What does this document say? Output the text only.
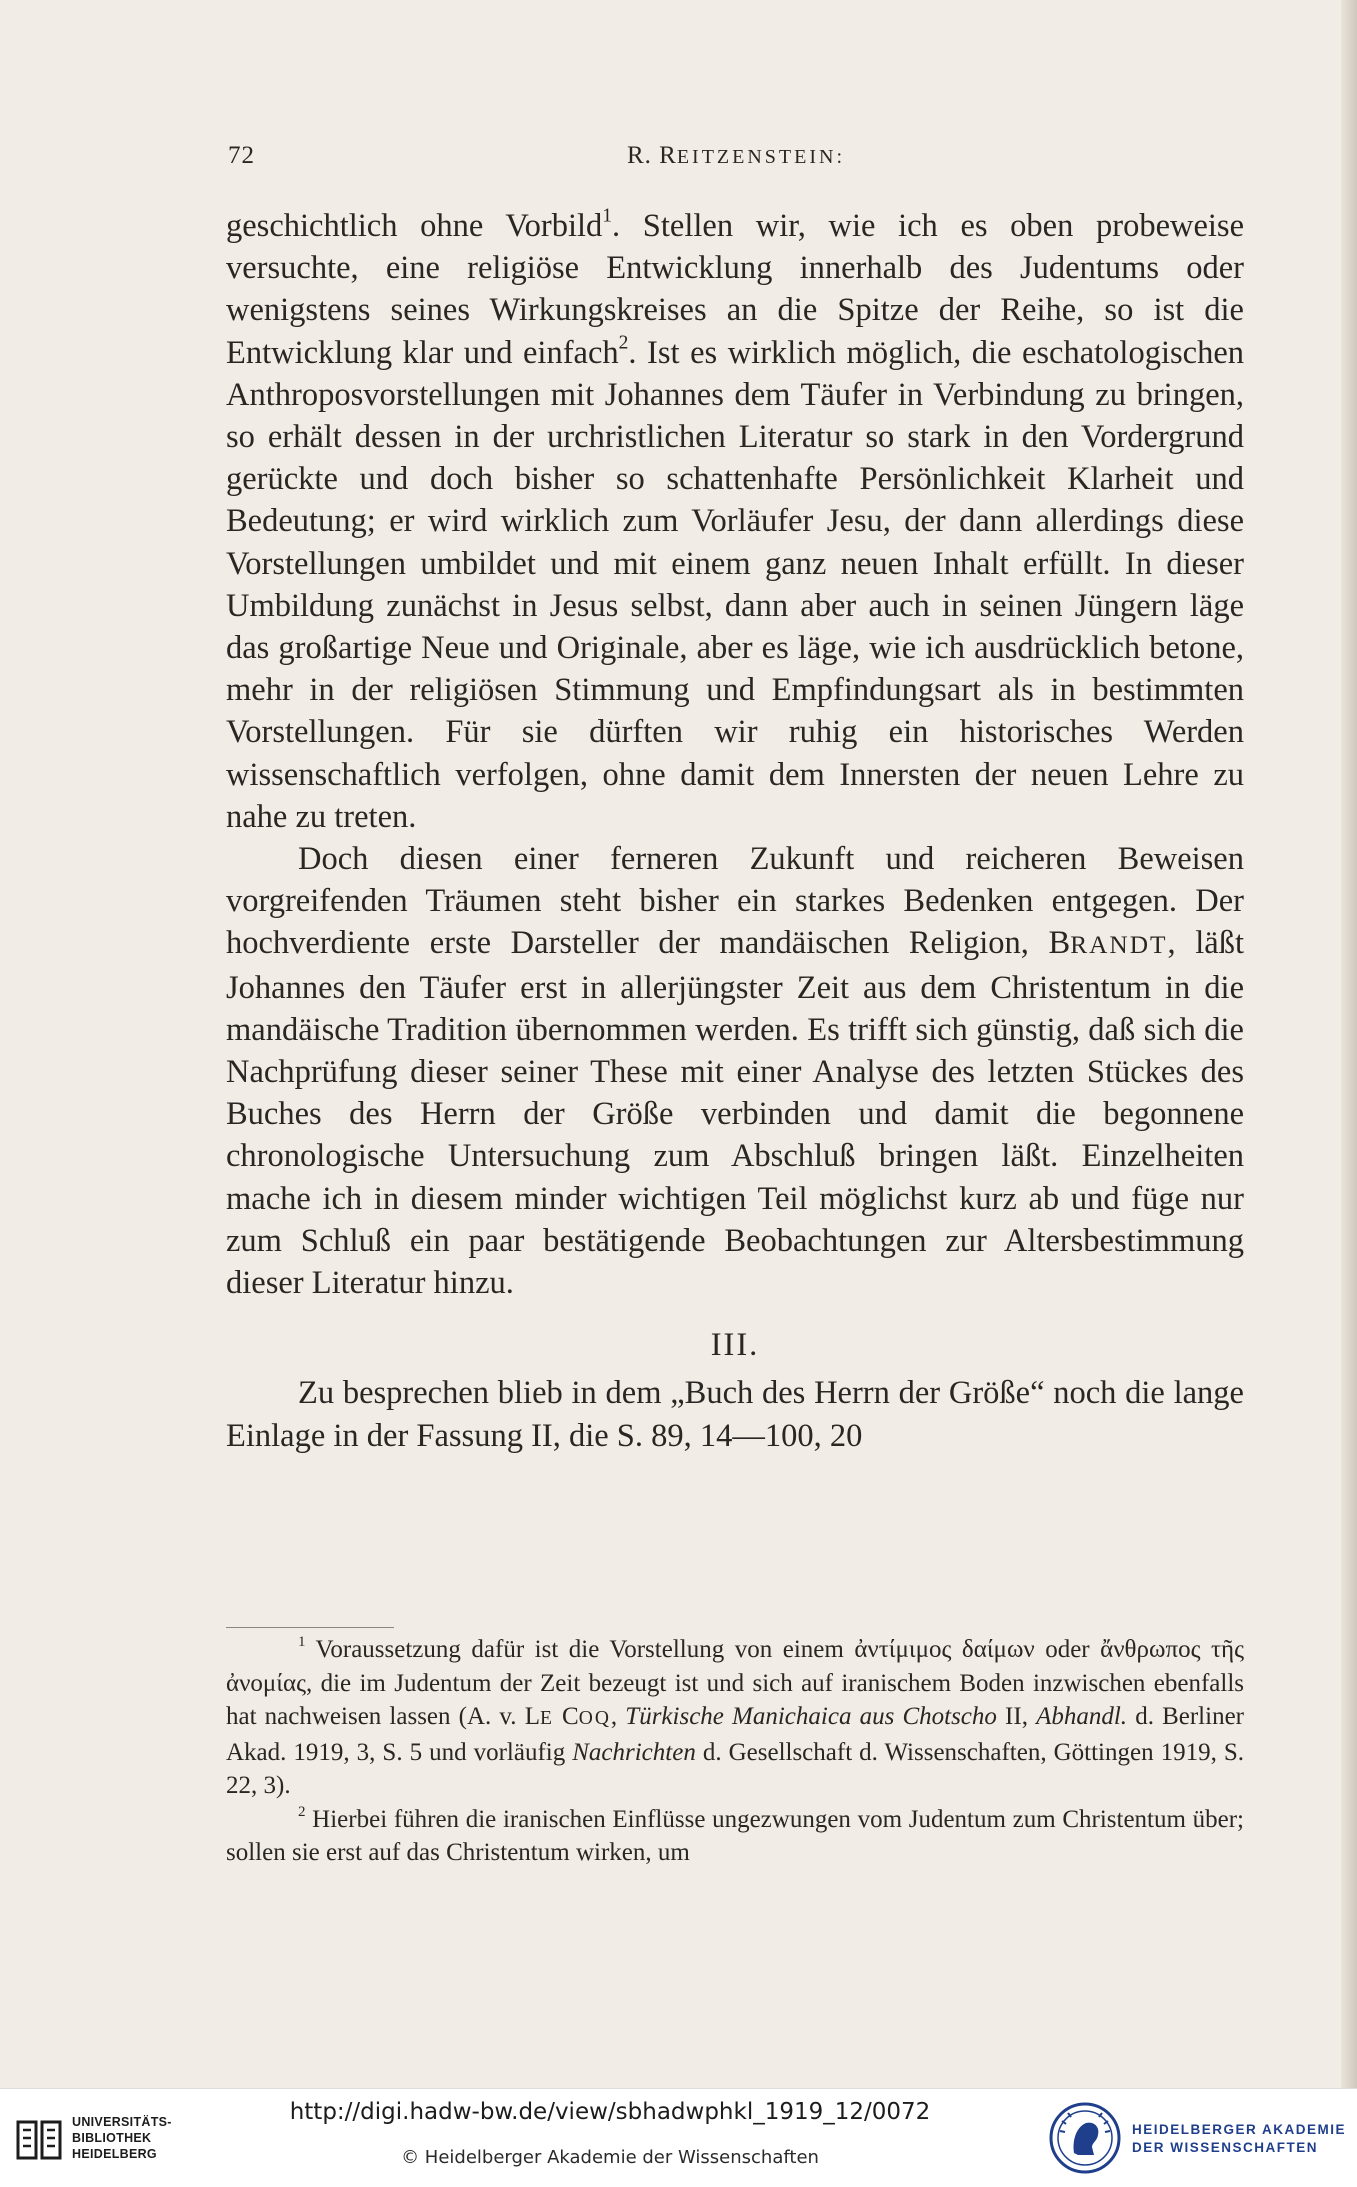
72	R. REITZENSTEIN:

geschichtlich ohne Vorbild$^1$. Stellen wir, wie ich es oben probeweise versuchte, eine religiöse Entwicklung innerhalb des Judentums oder wenigstens seines Wirkungskreises an die Spitze der Reihe, so ist die Entwicklung klar und einfach$^2$. Ist es wirklich möglich, die eschatologischen Anthroposvorstellungen mit Johannes dem Täufer in Verbindung zu bringen, so erhält dessen in der urchristlichen Literatur so stark in den Vordergrund gerückte und doch bisher so schattenhafte Persönlichkeit Klarheit und Bedeutung; er wird wirklich zum Vorläufer Jesu, der dann allerdings diese Vorstellungen umbildet und mit einem ganz neuen Inhalt erfüllt. In dieser Umbildung zunächst in Jesus selbst, dann aber auch in seinen Jüngern läge das großartige Neue und Originale, aber es läge, wie ich ausdrücklich betone, mehr in der religiösen Stimmung und Empfindungsart als in bestimmten Vorstellungen. Für sie dürften wir ruhig ein historisches Werden wissenschaftlich verfolgen, ohne damit dem Innersten der neuen Lehre zu nahe zu treten.

Doch diesen einer ferneren Zukunft und reicheren Beweisen vorgreifenden Träumen steht bisher ein starkes Bedenken entgegen. Der hochverdiente erste Darsteller der mandäischen Religion, BRANDT, läßt Johannes den Täufer erst in allerjüngster Zeit aus dem Christentum in die mandäische Tradition übernommen werden. Es trifft sich günstig, daß sich die Nachprüfung dieser seiner These mit einer Analyse des letzten Stückes des Buches des Herrn der Größe verbinden und damit die begonnene chronologische Untersuchung zum Abschluß bringen läßt. Einzelheiten mache ich in diesem minder wichtigen Teil möglichst kurz ab und füge nur zum Schluß ein paar bestätigende Beobachtungen zur Altersbestimmung dieser Literatur hinzu.

III.

Zu besprechen blieb in dem „Buch des Herrn der Größe“ noch die lange Einlage in der Fassung II, die S. 89, 14—100, 20

$^1$ Voraussetzung dafür ist die Vorstellung von einem ἀντίμιμος δαίμων oder ἄνθρωπος τῆς ἀνομίας, die im Judentum der Zeit bezeugt ist und sich auf iranischem Boden inzwischen ebenfalls hat nachweisen lassen (A. v. LE COQ, Türkische Manichaica aus Chotscho II, Abhandl. d. Berliner Akad. 1919, 3, S. 5 und vorläufig Nachrichten d. Gesellschaft d. Wissenschaften, Göttingen 1919, S. 22, 3).

$^2$ Hierbei führen die iranischen Einflüsse ungezwungen vom Judentum zum Christentum über; sollen sie erst auf das Christentum wirken, um

UNIVERSITÄTS-
BIBLIOTHEK
HEIDELBERG
http://digi.hadw-bw.de/view/sbhadwphkl_1919_12/0072
© Heidelberger Akademie der Wissenschaften
HEIDELBERGER AKADEMIE
DER WISSENSCHAFTEN
